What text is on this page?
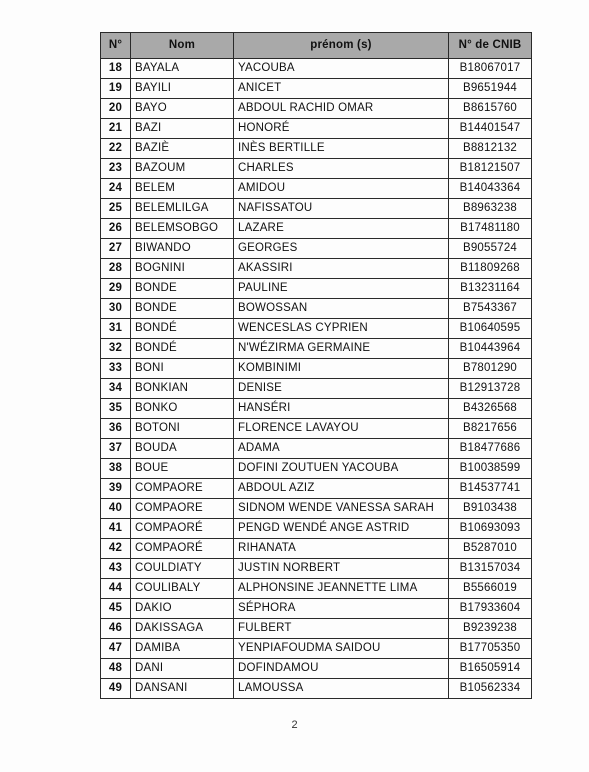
N°	Nom	prénom (s)	N° de CNIB
18	BAYALA	YACOUBA	B18067017
19	BAYILI	ANICET	B9651944
20	BAYO	ABDOUL RACHID OMAR	B8615760
21	BAZI	HONORÉ	B14401547
22	BAZIÈ	INÈS BERTILLE	B8812132
23	BAZOUM	CHARLES	B18121507
24	BELEM	AMIDOU	B14043364
25	BELEMLILGA	NAFISSATOU	B8963238
26	BELEMSOBGO	LAZARE	B17481180
27	BIWANDO	GEORGES	B9055724
28	BOGNINI	AKASSIRI	B11809268
29	BONDE	PAULINE	B13231164
30	BONDE	BOWOSSAN	B7543367
31	BONDÉ	WENCESLAS CYPRIEN	B10640595
32	BONDÉ	N'WÉZIRMA GERMAINE	B10443964
33	BONI	KOMBINIMI	B7801290
34	BONKIAN	DENISE	B12913728
35	BONKO	HANSÉRI	B4326568
36	BOTONI	FLORENCE LAVAYOU	B8217656
37	BOUDA	ADAMA	B18477686
38	BOUE	DOFINI ZOUTUEN YACOUBA	B10038599
39	COMPAORE	ABDOUL AZIZ	B14537741
40	COMPAORE	SIDNOM WENDE VANESSA SARAH	B9103438
41	COMPAORÉ	PENGD WENDÉ ANGE ASTRID	B10693093
42	COMPAORÉ	RIHANATA	B5287010
43	COULDIATY	JUSTIN NORBERT	B13157034
44	COULIBALY	ALPHONSINE JEANNETTE LIMA	B5566019
45	DAKIO	SÉPHORA	B17933604
46	DAKISSAGA	FULBERT	B9239238
47	DAMIBA	YENPIAFOUDMA SAIDOU	B17705350
48	DANI	DOFINDAMOU	B16505914
49	DANSANI	LAMOUSSA	B10562334
2
